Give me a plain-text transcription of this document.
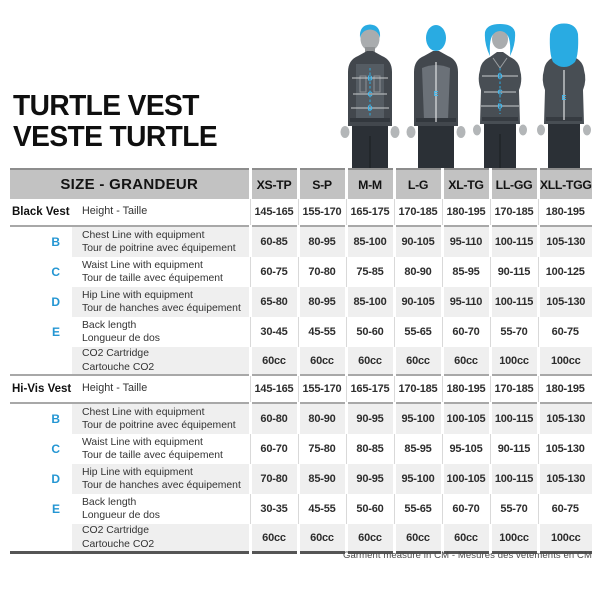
TURTLE VEST
VESTE TURTLE
B
C
D
E
B
C
D
E
SIZE - GRANDEUR		XS-TP	S-P	M-M	L-G	XL-TG	LL-GG	XLL-TGG
Black Vest	Height - Taille	145-165	155-170	165-175	170-185	180-195	170-185	180-195
B	Chest Line with equipment
Tour de poitrine avec équipement	60-85	80-95	85-100	90-105	95-110	100-115	105-130
C	Waist Line with equipment
Tour de taille avec équipement	60-75	70-80	75-85	80-90	85-95	90-115	100-125
D	Hip Line with equipment
Tour de hanches avec équipement	65-80	80-95	85-100	90-105	95-110	100-115	105-130
E	Back length
Longueur de dos	30-45	45-55	50-60	55-65	60-70	55-70	60-75

	CO2 Cartridge
Cartouche CO2	60cc	60cc	60cc	60cc	60cc	100cc	100cc
Hi-Vis Vest	Height - Taille	145-165	155-170	165-175	170-185	180-195	170-185	180-195
B	Chest Line with equipment
Tour de poitrine avec équipement	60-80	80-90	90-95	95-100	100-105	100-115	105-130
C	Waist Line with equipment
Tour de taille avec équipement	60-70	75-80	80-85	85-95	95-105	90-115	105-130
D	Hip Line with equipment
Tour de hanches avec équipement	70-80	85-90	90-95	95-100	100-105	100-115	105-130
E	Back length
Longueur de dos	30-35	45-55	50-60	55-65	60-70	55-70	60-75

	CO2 Cartridge
Cartouche CO2	60cc	60cc	60cc	60cc	60cc	100cc	100cc
Garment measure in CM - Mesures des vêtements en CM
